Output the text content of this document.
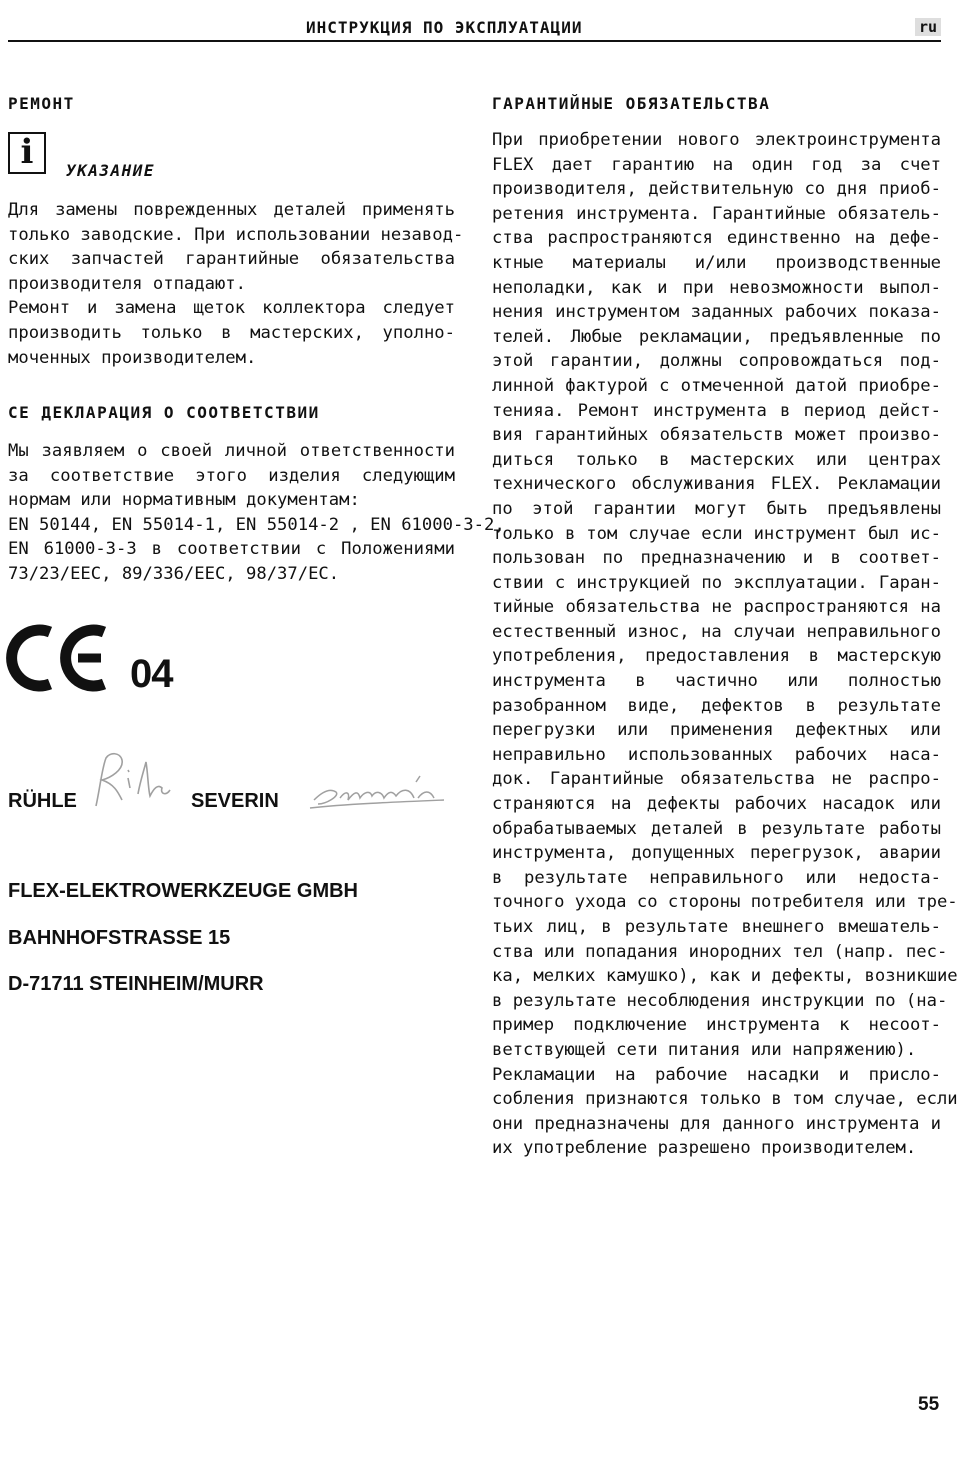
ИНСТРУКЦИЯ ПО ЭКСПЛУАТАЦИИ	ru
РЕМОНТ
i	УКАЗАНИЕ
Для замены поврежденных деталей применять
только заводские. При использовании незавод-
ских запчастей гарантийные обязательства
производителя отпадают.
Ремонт и замена щеток коллектора следует
производить только в мастерских, уполно-
моченных производителем.
СЕ ДЕКЛАРАЦИЯ О СООТВЕТСТВИИ
Мы заявляем о своей личной ответственности
за соответствие этого изделия следующим
нормам или нормативным документам:
EN 50144, EN 55014-1, EN 55014-2 , EN 61000-3-2,
EN 61000-3-3 в соответствии с Положениями
73/23/EEC, 89/336/EEC, 98/37/EC.
04
RÜHLE	SEVERIN
FLEX-ELEKTROWERKZEUGE GMBH
BAHNHOFSTRASSE 15
D-71711 STEINHEIM/MURR
ГАРАНТИЙНЫЕ ОБЯЗАТЕЛЬСТВА
При приобретении нового электроинструмента
FLEX дает гарантию на один год за счет
производителя, действительную со дня приоб-
ретения инструмента. Гарантийные обязатель-
ства распространяются единственно на дефе-
ктные материалы и/или производственные
неполадки, как и при невозможности выпол-
нения инструментом заданных рабочих показа-
телей. Любые рекламации, предъявленные по
этой гарантии, должны сопровождаться под-
линной фактурой с отмеченной датой приобре-
тенияа. Ремонт инструмента в период дейст-
вия гарантийных обязательств может произво-
диться только в мастерских или центрах
технического обслуживания FLEX. Рекламации
по этой гарантии могут быть предъявлены
только в том случае если инструмент был ис-
пользован по предназначению и в соответ-
ствии с инструкцией по эксплуатации. Гаран-
тийные обязательства не распространяются на
естественный износ, на случаи неправильного
употребления, предоставления в мастерскую
инструмента в частично или полностью
разобранном виде, дефектов в результате
перегрузки или применения дефектных или
неправильно использованных рабочих наса-
док. Гарантийные обязательства не распро-
страняются на дефекты рабочих насадок или
обрабатываемых деталей в результате работы
инструмента, допущенных перегрузок, аварии
в результате неправильного или недоста-
точного ухода со стороны потребителя или тре-
тьих лиц, в результате внешнего вмешатель-
ства или попадания инородних тел (напр. пес-
ка, мелких камушко), как и дефекты, возникшие
в результате несоблюдения инструкции по (на-
пример подключение инструмента к несоот-
ветствующей сети питания или напряжению).
Рекламации на рабочие насадки и присло-
собления признаются только в том случае, если
они предназначены для данного инструмента и
их употребление разрешено производителем.
55
